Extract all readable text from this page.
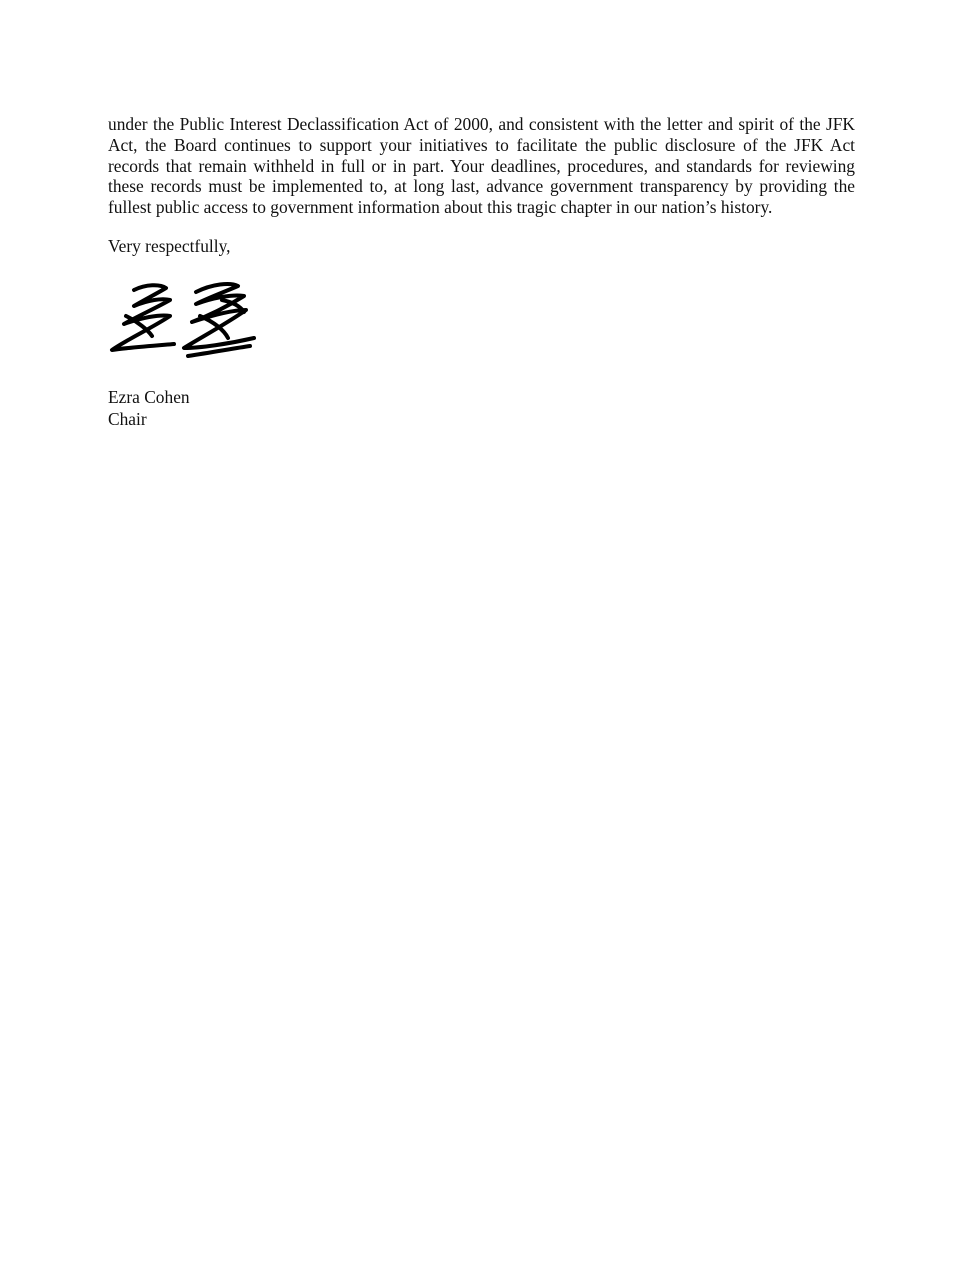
under the Public Interest Declassification Act of 2000, and consistent with the letter and spirit of the JFK Act, the Board continues to support your initiatives to facilitate the public disclosure of the JFK Act records that remain withheld in full or in part. Your deadlines, procedures, and standards for reviewing these records must be implemented to, at long last, advance government transparency by providing the fullest public access to government information about this tragic chapter in our nation’s history.

Very respectfully,

Ezra Cohen

Chair
